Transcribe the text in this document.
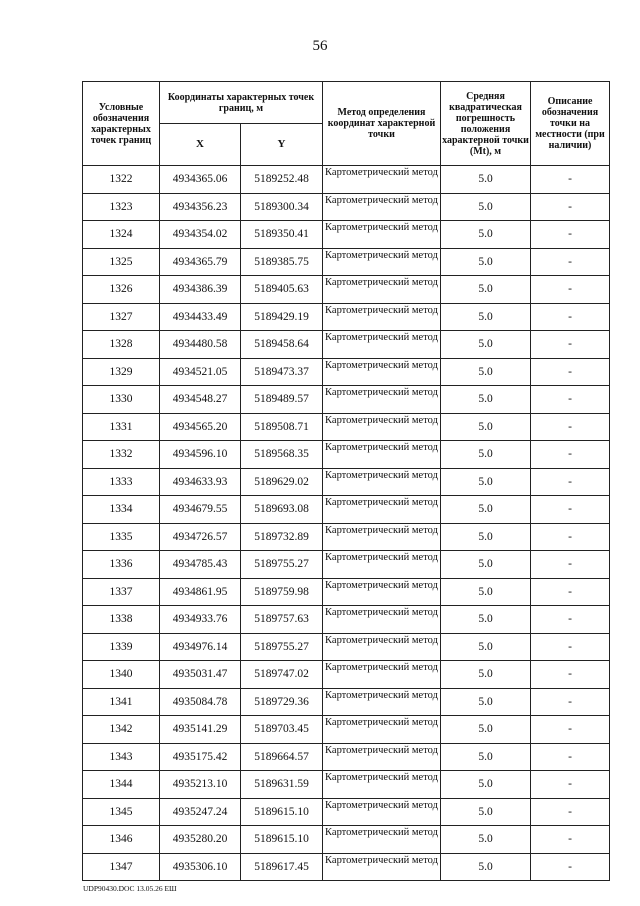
56
Условные обозначения характерных точек границ	Координаты характерных точек границ, м		Метод определения координат характерной точки	Средняя квадратическая погрешность положения характерной точки (Mt), м	Описание обозначения точки на местности (при наличии)
	X	Y			
1322	4934365.06	5189252.48	Картометрический метод	5.0	-
1323	4934356.23	5189300.34	Картометрический метод	5.0	-
1324	4934354.02	5189350.41	Картометрический метод	5.0	-
1325	4934365.79	5189385.75	Картометрический метод	5.0	-
1326	4934386.39	5189405.63	Картометрический метод	5.0	-
1327	4934433.49	5189429.19	Картометрический метод	5.0	-
1328	4934480.58	5189458.64	Картометрический метод	5.0	-
1329	4934521.05	5189473.37	Картометрический метод	5.0	-
1330	4934548.27	5189489.57	Картометрический метод	5.0	-
1331	4934565.20	5189508.71	Картометрический метод	5.0	-
1332	4934596.10	5189568.35	Картометрический метод	5.0	-
1333	4934633.93	5189629.02	Картометрический метод	5.0	-
1334	4934679.55	5189693.08	Картометрический метод	5.0	-
1335	4934726.57	5189732.89	Картометрический метод	5.0	-
1336	4934785.43	5189755.27	Картометрический метод	5.0	-
1337	4934861.95	5189759.98	Картометрический метод	5.0	-
1338	4934933.76	5189757.63	Картометрический метод	5.0	-
1339	4934976.14	5189755.27	Картометрический метод	5.0	-
1340	4935031.47	5189747.02	Картометрический метод	5.0	-
1341	4935084.78	5189729.36	Картометрический метод	5.0	-
1342	4935141.29	5189703.45	Картометрический метод	5.0	-
1343	4935175.42	5189664.57	Картометрический метод	5.0	-
1344	4935213.10	5189631.59	Картометрический метод	5.0	-
1345	4935247.24	5189615.10	Картометрический метод	5.0	-
1346	4935280.20	5189615.10	Картометрический метод	5.0	-
1347	4935306.10	5189617.45	Картометрический метод	5.0	-
UDP90430.DOC 13.05.26 ЕШ
